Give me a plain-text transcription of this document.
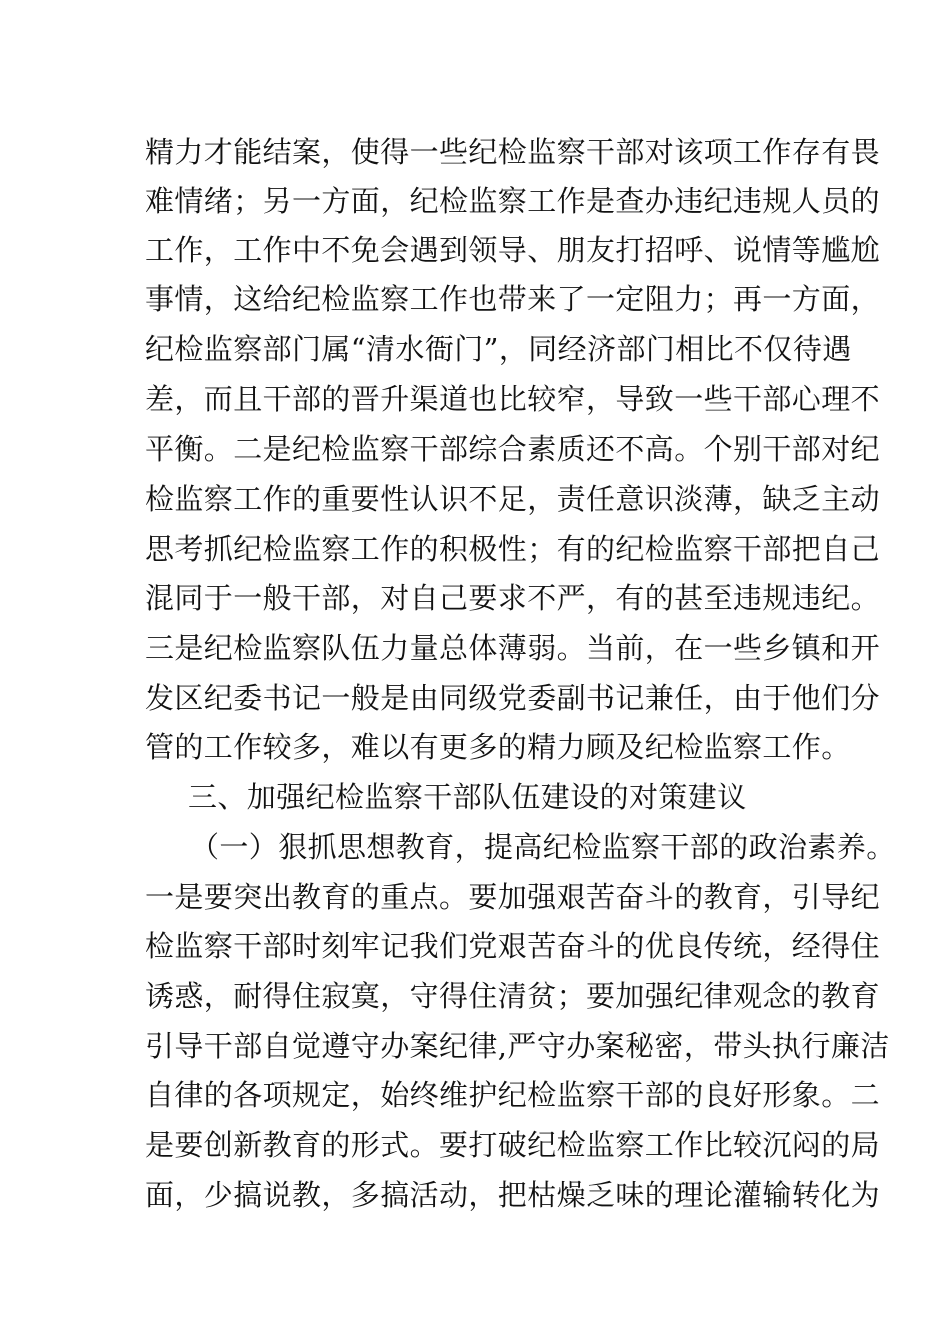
精力才能结案，使得一些纪检监察干部对该项工作存有畏
难情绪；另一方面，纪检监察工作是查办违纪违规人员的
工作，工作中不免会遇到领导、朋友打招呼、说情等尴尬
事情，这给纪检监察工作也带来了一定阻力；再一方面，
纪检监察部门属“清水衙门”，同经济部门相比不仅待遇
差，而且干部的晋升渠道也比较窄，导致一些干部心理不
平衡。二是纪检监察干部综合素质还不高。个别干部对纪
检监察工作的重要性认识不足，责任意识淡薄，缺乏主动
思考抓纪检监察工作的积极性；有的纪检监察干部把自己
混同于一般干部，对自己要求不严，有的甚至违规违纪。
三是纪检监察队伍力量总体薄弱。当前，在一些乡镇和开
发区纪委书记一般是由同级党委副书记兼任，由于他们分
管的工作较多，难以有更多的精力顾及纪检监察工作。
三、加强纪检监察干部队伍建设的对策建议
（一）狠抓思想教育，提高纪检监察干部的政治素养。
一是要突出教育的重点。要加强艰苦奋斗的教育，引导纪
检监察干部时刻牢记我们党艰苦奋斗的优良传统，经得住
诱惑，耐得住寂寞，守得住清贫；要加强纪律观念的教育
引导干部自觉遵守办案纪律,严守办案秘密，带头执行廉洁
自律的各项规定，始终维护纪检监察干部的良好形象。二
是要创新教育的形式。要打破纪检监察工作比较沉闷的局
面，少搞说教，多搞活动，把枯燥乏味的理论灌输转化为
